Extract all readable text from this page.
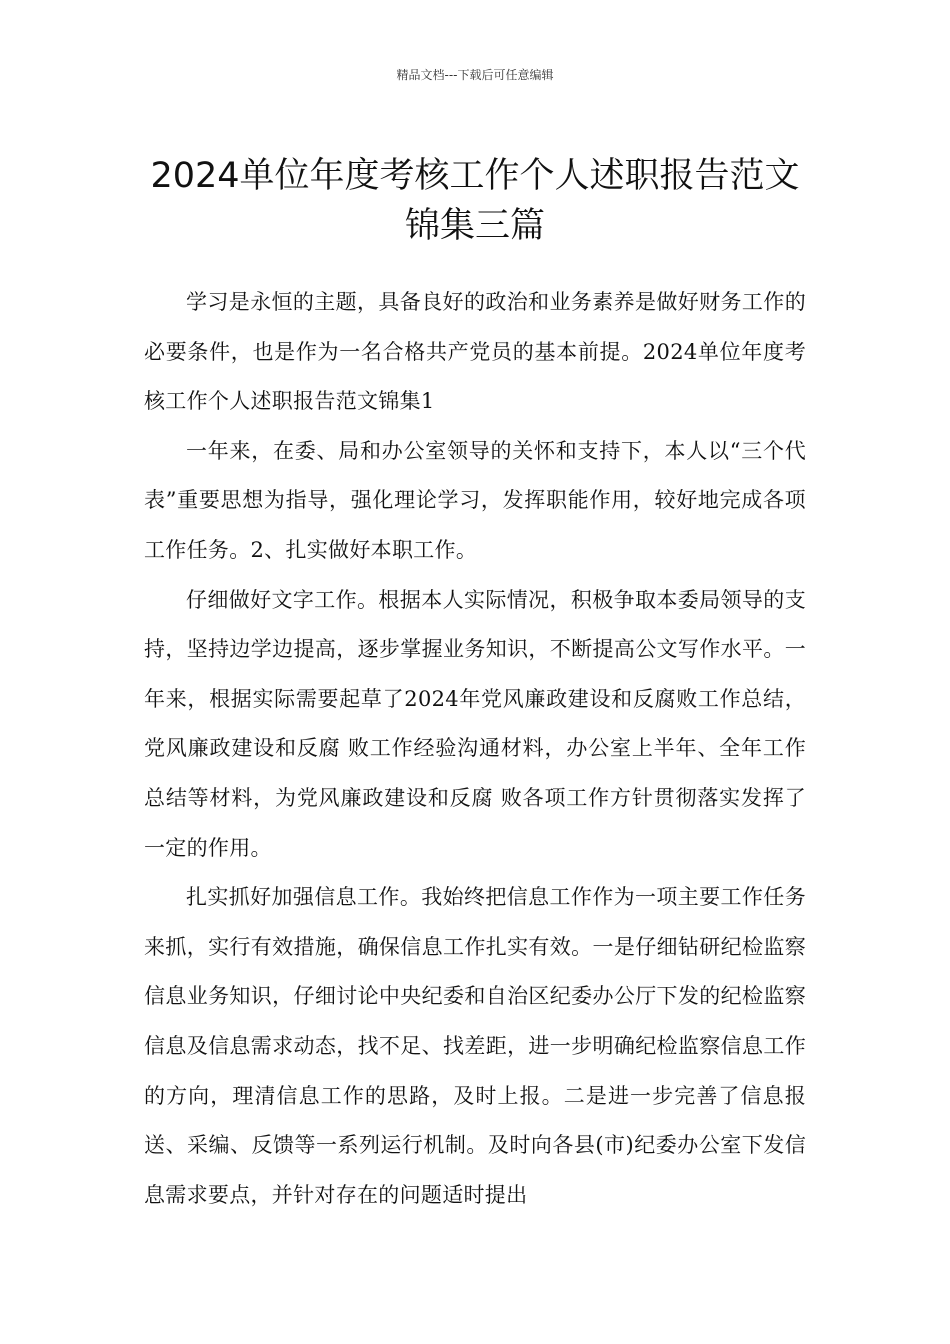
精品文档---下载后可任意编辑
2024单位年度考核工作个人述职报告范文锦集三篇

学习是永恒的主题，具备良好的政治和业务素养是做好财务工作的必要条件，也是作为一名合格共产党员的基本前提。2024单位年度考核工作个人述职报告范文锦集1

一年来，在委、局和办公室领导的关怀和支持下，本人以“三个代表”重要思想为指导，强化理论学习，发挥职能作用，较好地完成各项工作任务。2、扎实做好本职工作。

仔细做好文字工作。根据本人实际情况，积极争取本委局领导的支持，坚持边学边提高，逐步掌握业务知识，不断提高公文写作水平。一年来，根据实际需要起草了2024年党风廉政建设和反腐败工作总结，党风廉政建设和反腐 败工作经验沟通材料，办公室上半年、全年工作总结等材料，为党风廉政建设和反腐 败各项工作方针贯彻落实发挥了一定的作用。

扎实抓好加强信息工作。我始终把信息工作作为一项主要工作任务来抓，实行有效措施，确保信息工作扎实有效。一是仔细钻研纪检监察信息业务知识，仔细讨论中央纪委和自治区纪委办公厅下发的纪检监察信息及信息需求动态，找不足、找差距，进一步明确纪检监察信息工作的方向，理清信息工作的思路，及时上报。二是进一步完善了信息报送、采编、反馈等一系列运行机制。及时向各县(市)纪委办公室下发信息需求要点，并针对存在的问题适时提出
